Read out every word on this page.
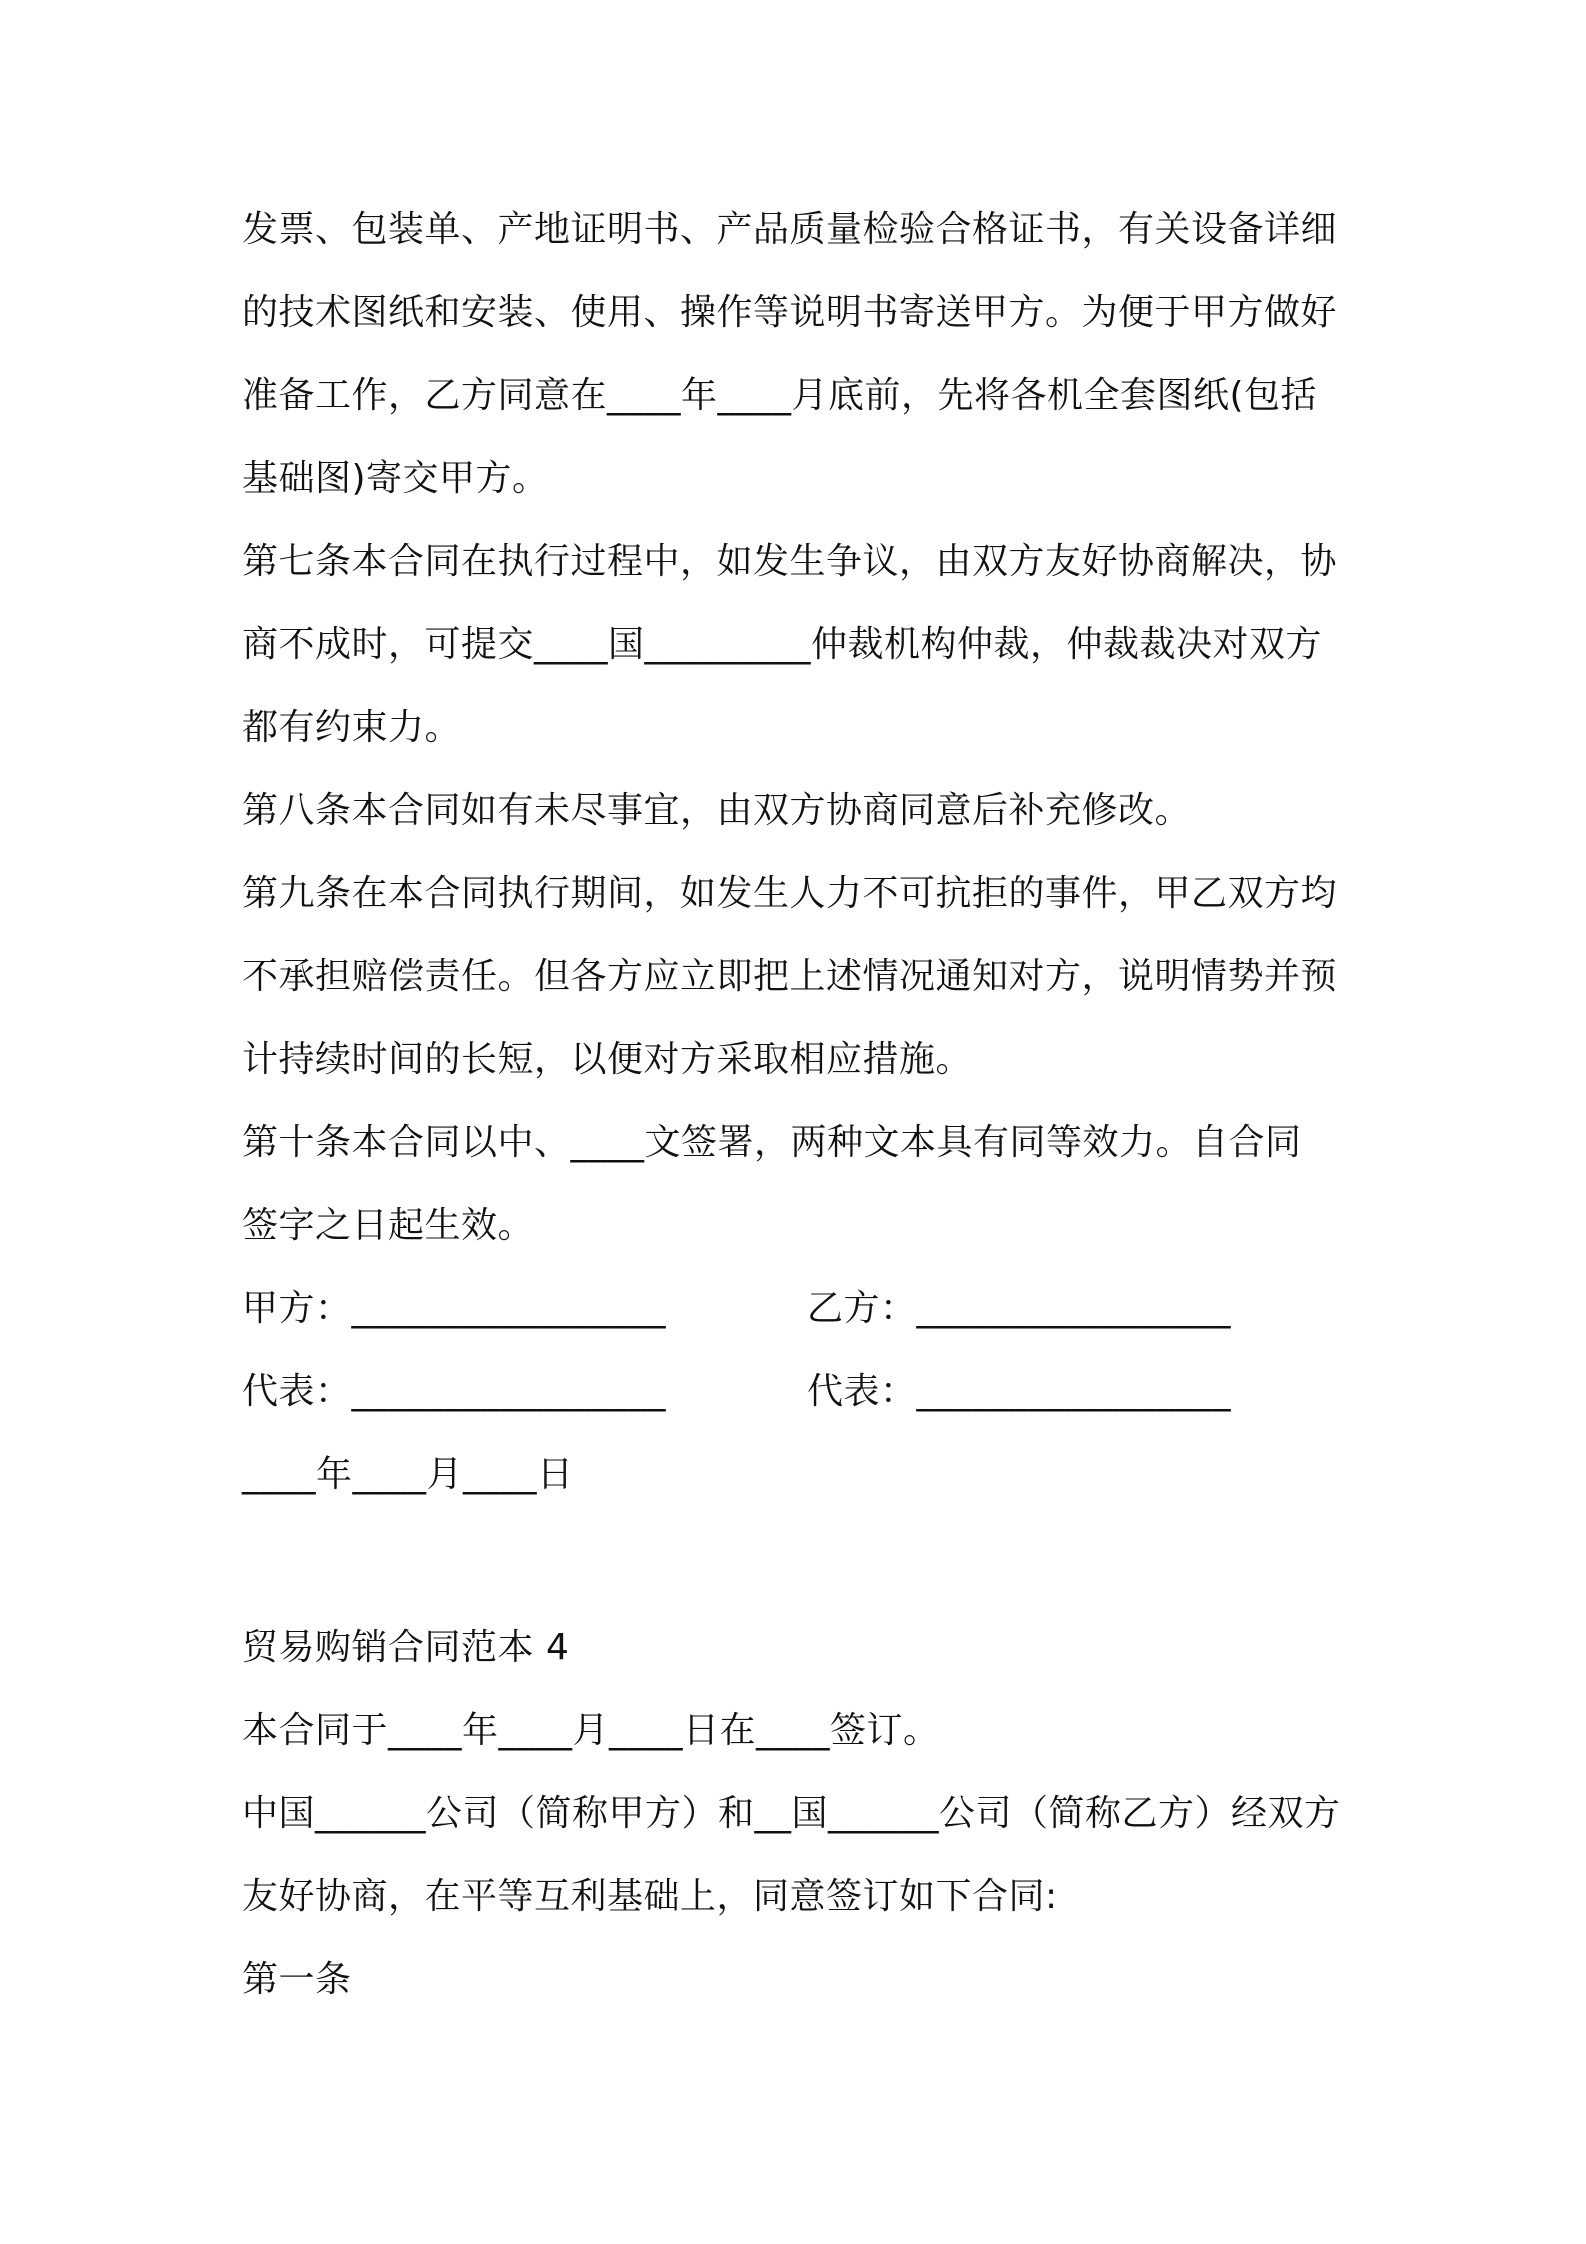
发票、包装单、产地证明书、产品质量检验合格证书，有关设备详细
的技术图纸和安装、使用、操作等说明书寄送甲方。为便于甲方做好
准备工作，乙方同意在____年____月底前，先将各机全套图纸(包括
基础图)寄交甲方。
第七条本合同在执行过程中，如发生争议，由双方友好协商解决，协
商不成时，可提交____国_________仲裁机构仲裁，仲裁裁决对双方
都有约束力。
第八条本合同如有未尽事宜，由双方协商同意后补充修改。
第九条在本合同执行期间，如发生人力不可抗拒的事件，甲乙双方均
不承担赔偿责任。但各方应立即把上述情况通知对方，说明情势并预
计持续时间的长短，以便对方采取相应措施。
第十条本合同以中、____文签署，两种文本具有同等效力。自合同
签字之日起生效。
甲方：_________________	乙方：_________________
代表：_________________	代表：_________________
____年____月____日
贸易购销合同范本 4
本合同于____年____月____日在____签订。
中国______公司（简称甲方）和__国______公司（简称乙方）经双方
友好协商，在平等互利基础上，同意签订如下合同:
第一条
